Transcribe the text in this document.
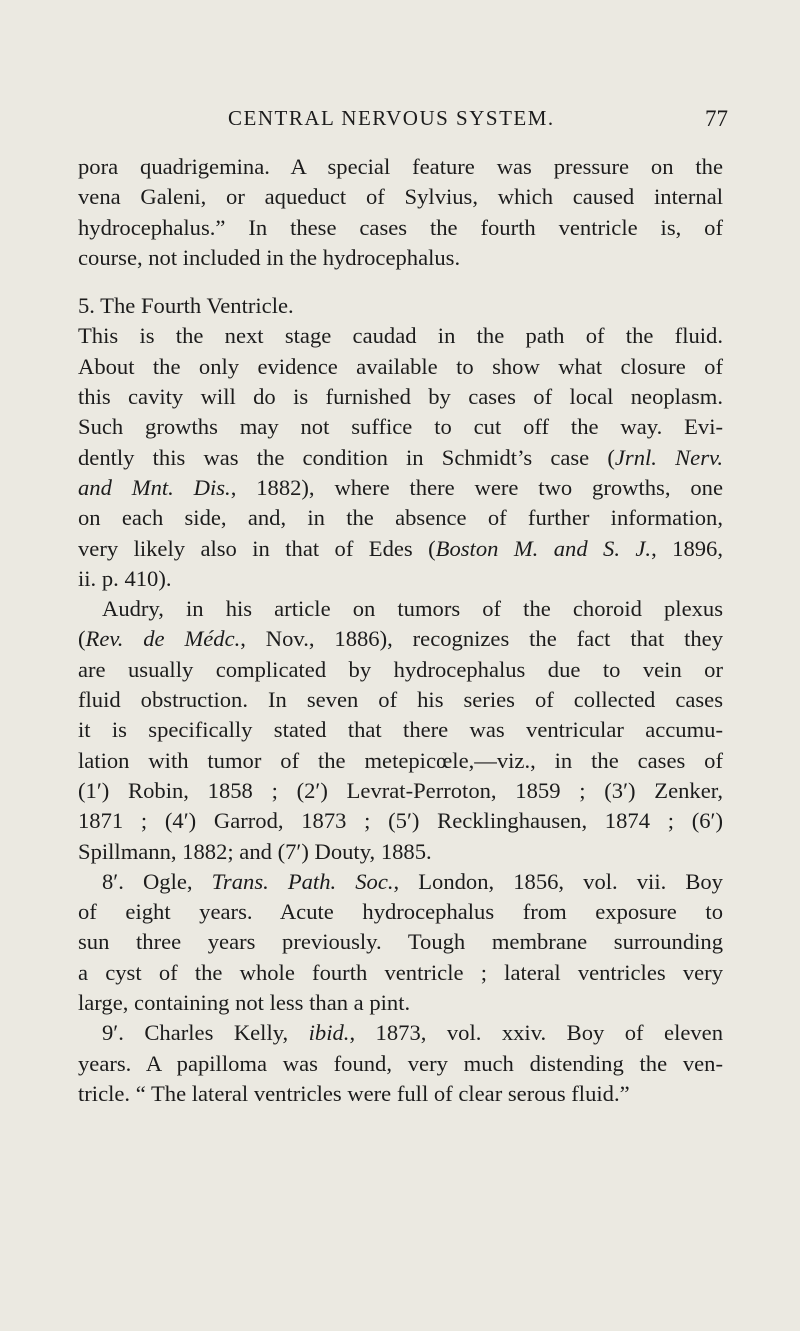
CENTRAL NERVOUS SYSTEM.	77
pora quadrigemina. A special feature was pressure on the
vena Galeni, or aqueduct of Sylvius, which caused internal
hydrocephalus.” In these cases the fourth ventricle is, of
course, not included in the hydrocephalus.
5. The Fourth Ventricle.
This is the next stage caudad in the path of the fluid.
About the only evidence available to show what closure of
this cavity will do is furnished by cases of local neoplasm.
Such growths may not suffice to cut off the way. Evi-
dently this was the condition in Schmidt’s case (Jrnl. Nerv.
and Mnt. Dis., 1882), where there were two growths, one
on each side, and, in the absence of further information,
very likely also in that of Edes (Boston M. and S. J., 1896,
ii. p. 410).
Audry, in his article on tumors of the choroid plexus
(Rev. de Médc., Nov., 1886), recognizes the fact that they
are usually complicated by hydrocephalus due to vein or
fluid obstruction. In seven of his series of collected cases
it is specifically stated that there was ventricular accumu-
lation with tumor of the metepicœle,—viz., in the cases of
(1′) Robin, 1858 ; (2′) Levrat-Perroton, 1859 ; (3′) Zenker,
1871 ; (4′) Garrod, 1873 ; (5′) Recklinghausen, 1874 ; (6′)
Spillmann, 1882; and (7′) Douty, 1885.
8′. Ogle, Trans. Path. Soc., London, 1856, vol. vii. Boy
of eight years. Acute hydrocephalus from exposure to
sun three years previously. Tough membrane surrounding
a cyst of the whole fourth ventricle ; lateral ventricles very
large, containing not less than a pint.
9′. Charles Kelly, ibid., 1873, vol. xxiv. Boy of eleven
years. A papilloma was found, very much distending the ven-
tricle. “ The lateral ventricles were full of clear serous fluid.”
